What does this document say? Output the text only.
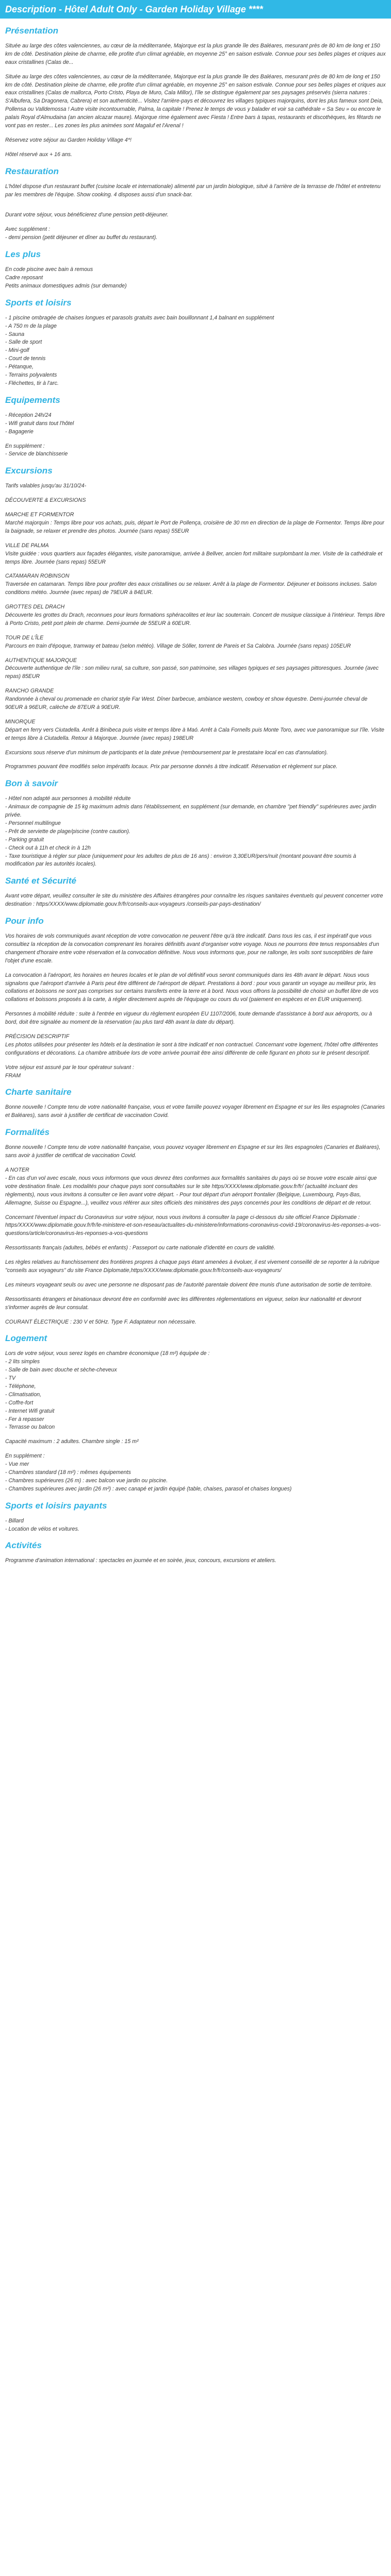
Description - Hôtel Adult Only - Garden Holiday Village ****
Présentation

Située au large des côtes valenciennes, au cœur de la méditerranée, Majorque est la plus grande île des Baléares, mesurant près de 80 km de long et 150 km de côté. Destination pleine de charme, elle profite d'un climat agréable, en moyenne 25° en saison estivale. Connue pour ses belles plages et criques aux eaux cristallines (Calas de...

Située au large des côtes valenciennes, au cœur de la méditerranée, Majorque est la plus grande île des Baléares, mesurant près de 80 km de long et 150 km de côté. Destination pleine de charme, elle profite d'un climat agréable, en moyenne 25° en saison estivale. Connue pour ses belles plages et criques aux eaux cristallines (Calas de mallorca, Porto Cristo, Playa de Muro, Cala Millor), l'île se distingue également par ses paysages préservés (sierra natures : S'Albufera, Sa Dragonera, Cabrera) et son authenticité... Visitez l'arrière-pays et découvrez les villages typiques majorquins, dont les plus fameux sont Deia, Pollensa ou Valldemossa ! Autre visite incontournable, Palma, la capitale ! Prenez le temps de vous y balader et voir sa cathédrale « Sa Seu » ou encore le palais Royal d'Almudaina (an ancien alcazar maure). Majorque rime également avec Fiesta ! Entre bars à tapas, restaurants et discothèques, les fêtards ne vont pas en rester... Les zones les plus animées sont Magaluf et l'Arenal !

Réservez votre séjour au Garden Holiday Village 4*!

Hôtel réservé aux + 16 ans.

Restauration

L'hôtel dispose d'un restaurant buffet (cuisine locale et internationale) alimenté par un jardin biologique, situé à l'arrière de la terrasse de l'hôtel et entretenu par les membres de l'équipe. Show cooking. 4 disposes aussi d'un snack-bar.

Durant votre séjour, vous bénéficierez d'une pension petit-déjeuner.

Avec supplément :

- demi pension (petit déjeuner et dîner au buffet du restaurant).

Les plus

En code piscine avec bain à remous

Cadre reposant

Petits animaux domestiques admis (sur demande)

Sports et loisirs

- 1 piscine ombragée de chaises longues et parasols gratuits avec bain bouillonnant 1,4 balnant en supplément

- A 750 m de la plage

- Sauna

- Salle de sport

- Mini-golf

- Court de tennis

- Pétanque,

- Terrains polyvalents

- Fléchettes, tir à l'arc.

Equipements

- Réception 24h/24

- Wifi gratuit dans tout l'hôtel

- Bagagerie

En supplément :

- Service de blanchisserie

Excursions

Tarifs valables jusqu'au 31/10/24-

DÉCOUVERTE & EXCURSIONS

MARCHE ET FORMENTOR

Marché majorquin : Temps libre pour vos achats, puis, départ le Port de Pollença, croisière de 30 mn en direction de la plage de Formentor. Temps libre pour la baignade, se relaxer et prendre des photos. Journée (sans repas) 55EUR

VILLE DE PALMA

Visite guidée : vous quartiers aux façades élégantes, visite panoramique, arrivée à Bellver, ancien fort militaire surplombant la mer. Visite de la cathédrale et temps libre. Journée (sans repas) 55EUR

CATAMARAN ROBINSON

Traversée en catamaran. Temps libre pour profiter des eaux cristallines ou se relaxer. Arrêt à la plage de Formentor. Déjeuner et boissons incluses. Salon conditions météo. Journée (avec repas) de 79EUR à 84EUR.

GROTTES DEL DRACH

Découverte les grottes du Drach, reconnues pour leurs formations sphéracolites et leur lac souterrain. Concert de musique classique à l'intérieur. Temps libre à Porto Cristo, petit port plein de charme. Demi-journée de 55EUR à 60EUR.

TOUR DE L'ÎLE

Parcours en train d'époque, tramway et bateau (selon météo). Village de Sóller, torrent de Pareis et Sa Calobra. Journée (sans repas) 105EUR

AUTHENTIQUE MAJORQUE

Découverte authentique de l'île : son milieu rural, sa culture, son passé, son patrimoine, ses villages typiques et ses paysages pittoresques. Journée (avec repas) 85EUR

RANCHO GRANDE

Randonnée à cheval ou promenade en chariot style Far West. Dîner barbecue, ambiance western, cowboy et show équestre. Demi-journée cheval de 90EUR à 96EUR, calèche de 87EUR à 90EUR.

MINORQUE

Départ en ferry vers Ciutadella. Arrêt à Binibeca puis visite et temps libre à Maó. Arrêt à Cala Fornells puis Monte Toro, avec vue panoramique sur l'île. Visite et temps libre à Ciutadella. Retour à Majorque. Journée (avec repas) 198EUR

Excursions sous réserve d'un minimum de participants et la date prévue (remboursement par le prestataire local en cas d'annulation).

Programmes pouvant être modifiés selon impératifs locaux. Prix par personne donnés à titre indicatif. Réservation et règlement sur place.

Bon à savoir

- Hôtel non adapté aux personnes à mobilité réduite

- Animaux de compagnie de 15 kg maximum admis dans l'établissement, en supplément (sur demande, en chambre "pet friendly" supérieures avec jardin privée.

- Personnel multilingue

- Prêt de serviette de plage/piscine (contre caution).

- Parking gratuit

- Check out à 11h et check in à 12h

- Taxe touristique à régler sur place (uniquement pour les adultes de plus de 16 ans) : environ 3,30EUR/pers/nuit (montant pouvant être soumis à modification par les autorités locales).

Santé et Sécurité

Avant votre départ, veuillez consulter le site du ministère des Affaires étrangères pour connaître les risques sanitaires éventuels qui peuvent concerner votre destination : https/XXXX/www.diplomatie.gouv.fr/fr/conseils-aux-voyageurs /conseils-par-pays-destination/

Pour info

Vos horaires de vols communiqués avant réception de votre convocation ne peuvent l'être qu'à titre indicatif. Dans tous les cas, il est impératif que vous consultiez la réception de la convocation comprenant les horaires définitifs avant d'organiser votre voyage. Nous ne pourrons être tenus responsables d'un changement d'horaire entre votre réservation et la convocation définitive. Nous vous informons que, pour ne rallonge, les voils sont susceptibles de faire l'objet d'une escale.

La convocation à l'aéroport, les horaires en heures locales et le plan de vol définitif vous seront communiqués dans les 48h avant le départ. Nous vous signalons que l'aéroport d'arrivée à Paris peut être différent de l'aéroport de départ. Prestations à bord : pour vous garantir un voyage au meilleur prix, les collations et boissons ne sont pas comprises sur certains transferts entre la terre et à bord. Nous vous offrons la possibilité de choisir un buffet libre de vos collations et boissons proposés à la carte, à régler directement auprès de l'équipage ou cours du vol (paiement en espèces et en EUR uniquement).

Personnes à mobilité réduite : suite à l'entrée en vigueur du règlement européen EU 1107/2006, toute demande d'assistance à bord aux aéroports, ou à bord, doit être signalée au moment de la réservation (au plus tard 48h avant la date du départ).

PRÉCISION DESCRIPTIF

Les photos utilisées pour présenter les hôtels et la destination le sont à titre indicatif et non contractuel. Concernant votre logement, l'hôtel offre différentes configurations et décorations. La chambre attribuée lors de votre arrivée pourrait être ainsi différente de celle figurant en photo sur le présent descriptif.

Votre séjour est assuré par le tour opérateur suivant :

FRAM

Charte sanitaire

Bonne nouvelle ! Compte tenu de votre nationalité française, vous et votre famille pouvez voyager librement en Espagne et sur les îles espagnoles (Canaries et Baléares), sans avoir à justifier de certificat de vaccination Covid.

Formalités

Bonne nouvelle ! Compte tenu de votre nationalité française, vous pouvez voyager librement en Espagne et sur les îles espagnoles (Canaries et Baléares), sans avoir à justifier de certificat de vaccination Covid.

A NOTER

- En cas d'un vol avec escale, nous vous informons que vous devrez êtes conformes aux formalités sanitaires du pays où se trouve votre escale ainsi que votre destination finale. Les modalités pour chaque pays sont consultables sur le site https/XXXX/www.diplomatie.gouv.fr/fr/ (actualité incluant des règlements), nous vous invitons à consulter ce lien avant votre départ. - Pour tout départ d'un aéroport frontalier (Belgique, Luxembourg, Pays-Bas, Allemagne, Suisse ou Espagne...), veuillez vous référer aux sites officiels des ministères des pays concernés pour les conditions de départ et de retour.

Concernant l'éventuel impact du Coronavirus sur votre séjour, nous vous invitons à consulter la page ci-dessous du site officiel France Diplomatie : https/XXXX/www.diplomatie.gouv.fr/fr/le-ministere-et-son-reseau/actualites-du-ministere/informations-coronavirus-covid-19/coronavirus-les-reponses-a-vos-questions/article/coronavirus-les-reponses-a-vos-questions

Ressortissants français (adultes, bébés et enfants) : Passeport ou carte nationale d'identité en cours de validité.

Les règles relatives au franchissement des frontières propres à chaque pays étant amenées à évoluer, il est vivement conseillé de se reporter à la rubrique "conseils aux voyageurs" du site France Diplomatie,https/XXXX/www.diplomatie.gouv.fr/fr/conseils-aux-voyageurs/

Les mineurs voyageant seuls ou avec une personne ne disposant pas de l'autorité parentale doivent être munis d'une autorisation de sortie de territoire.

Ressortissants étrangers et binationaux devront être en conformité avec les différentes réglementations en vigueur, selon leur nationalité et devront s'informer auprès de leur consulat.

COURANT ÉLECTRIQUE : 230 V et 50Hz. Type F. Adaptateur non nécessaire.

Logement

Lors de votre séjour, vous serez logés en chambre économique (18 m²) équipée de :

- 2 lits simples

- Salle de bain avec douche et sèche-cheveux

- TV

- Téléphone,

- Climatisation,

- Coffre-fort

- Internet Wifi gratuit

- Fer à repasser

- Terrasse ou balcon

Capacité maximum : 2 adultes. Chambre single : 15 m²

En supplément :

- Vue mer

- Chambres standard (18 m²) : mêmes équipements

- Chambres supérieures (26 m) : avec balcon vue jardin ou piscine.

- Chambres supérieures avec jardin (26 m²) : avec canapé et jardin équipé (table, chaises, parasol et chaises longues)

Sports et loisirs payants

- Billard

- Location de vélos et voitures.

Activités

Programme d'animation international : spectacles en journée et en soirée, jeux, concours, excursions et ateliers.
